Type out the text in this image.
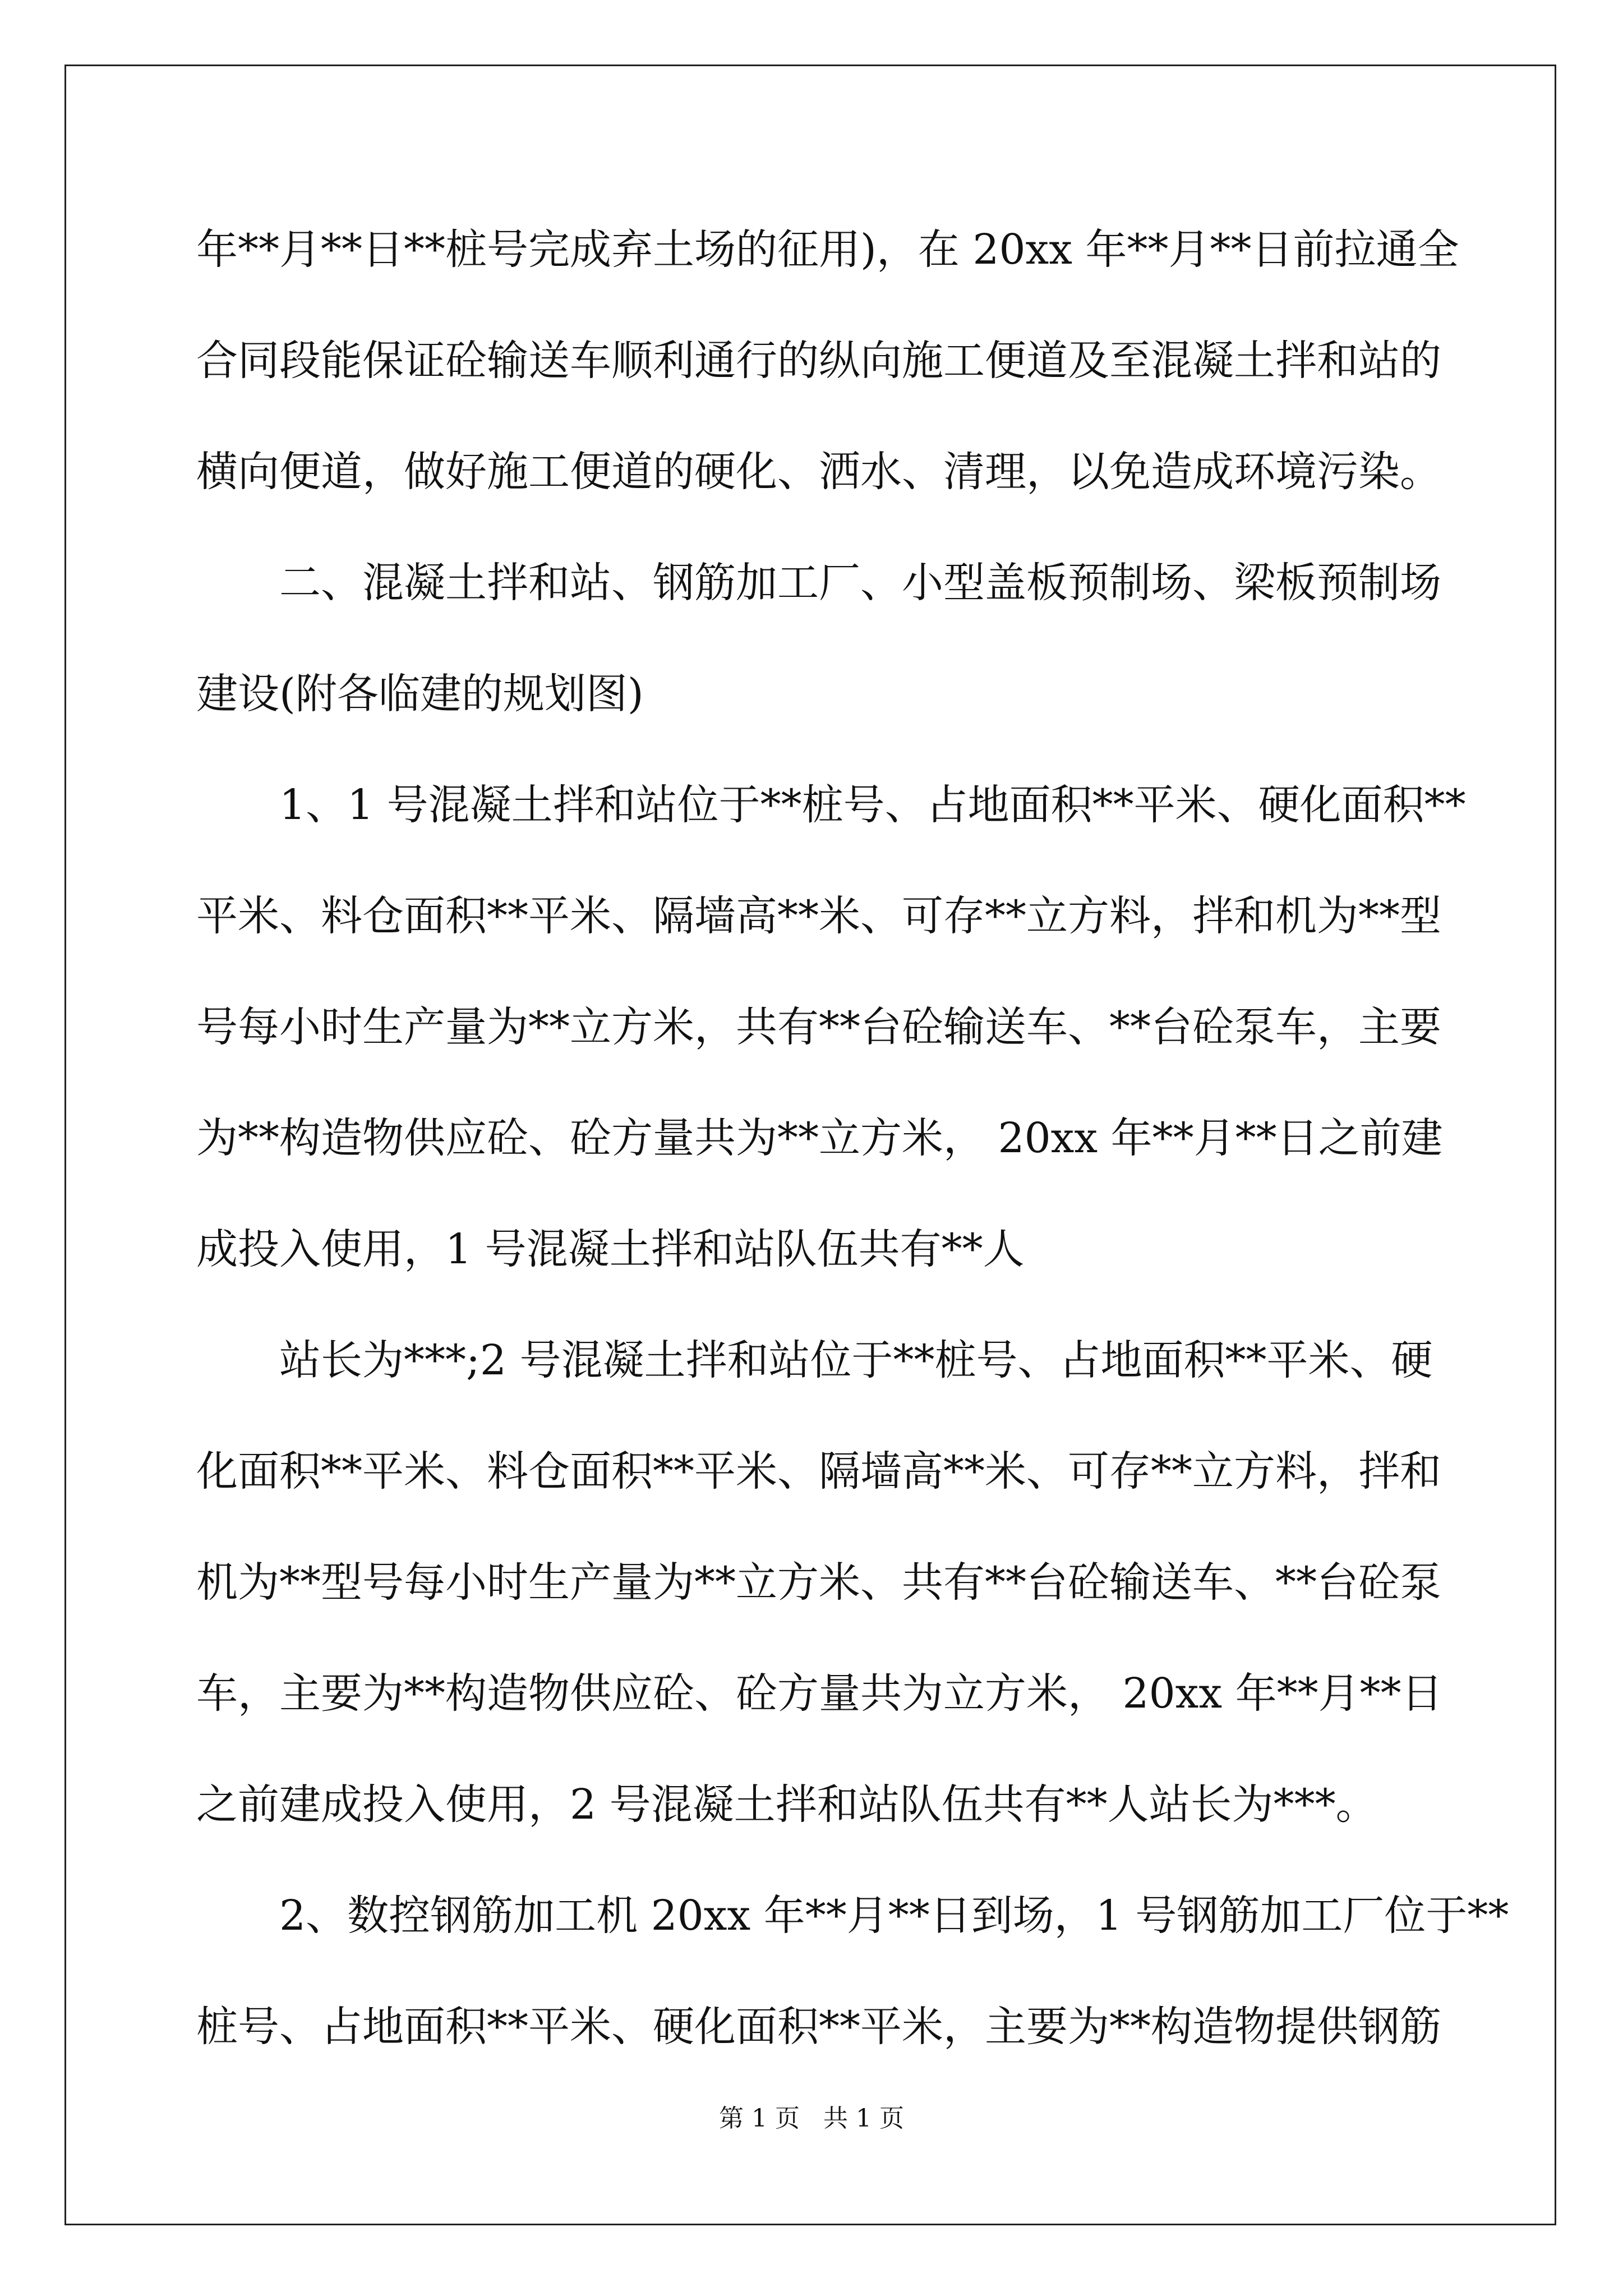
年**月**日**桩号完成弃土场的征用)，在 20xx 年**月**日前拉通全
合同段能保证砼输送车顺利通行的纵向施工便道及至混凝土拌和站的
横向便道，做好施工便道的硬化、洒水、清理，以免造成环境污染。
二、混凝土拌和站、钢筋加工厂、小型盖板预制场、梁板预制场
建设(附各临建的规划图)
1、1 号混凝土拌和站位于**桩号、占地面积**平米、硬化面积**
平米、料仓面积**平米、隔墙高**米、可存**立方料，拌和机为**型
号每小时生产量为**立方米，共有**台砼输送车、**台砼泵车，主要
为**构造物供应砼、砼方量共为**立方米， 20xx 年**月**日之前建
成投入使用，1 号混凝土拌和站队伍共有**人
站长为***;2 号混凝土拌和站位于**桩号、占地面积**平米、硬
化面积**平米、料仓面积**平米、隔墙高**米、可存**立方料，拌和
机为**型号每小时生产量为**立方米、共有**台砼输送车、**台砼泵
车，主要为**构造物供应砼、砼方量共为立方米， 20xx 年**月**日
之前建成投入使用，2 号混凝土拌和站队伍共有**人站长为***。
2、数控钢筋加工机 20xx 年**月**日到场，1 号钢筋加工厂位于**
桩号、占地面积**平米、硬化面积**平米，主要为**构造物提供钢筋
第 1 页   共 1 页
